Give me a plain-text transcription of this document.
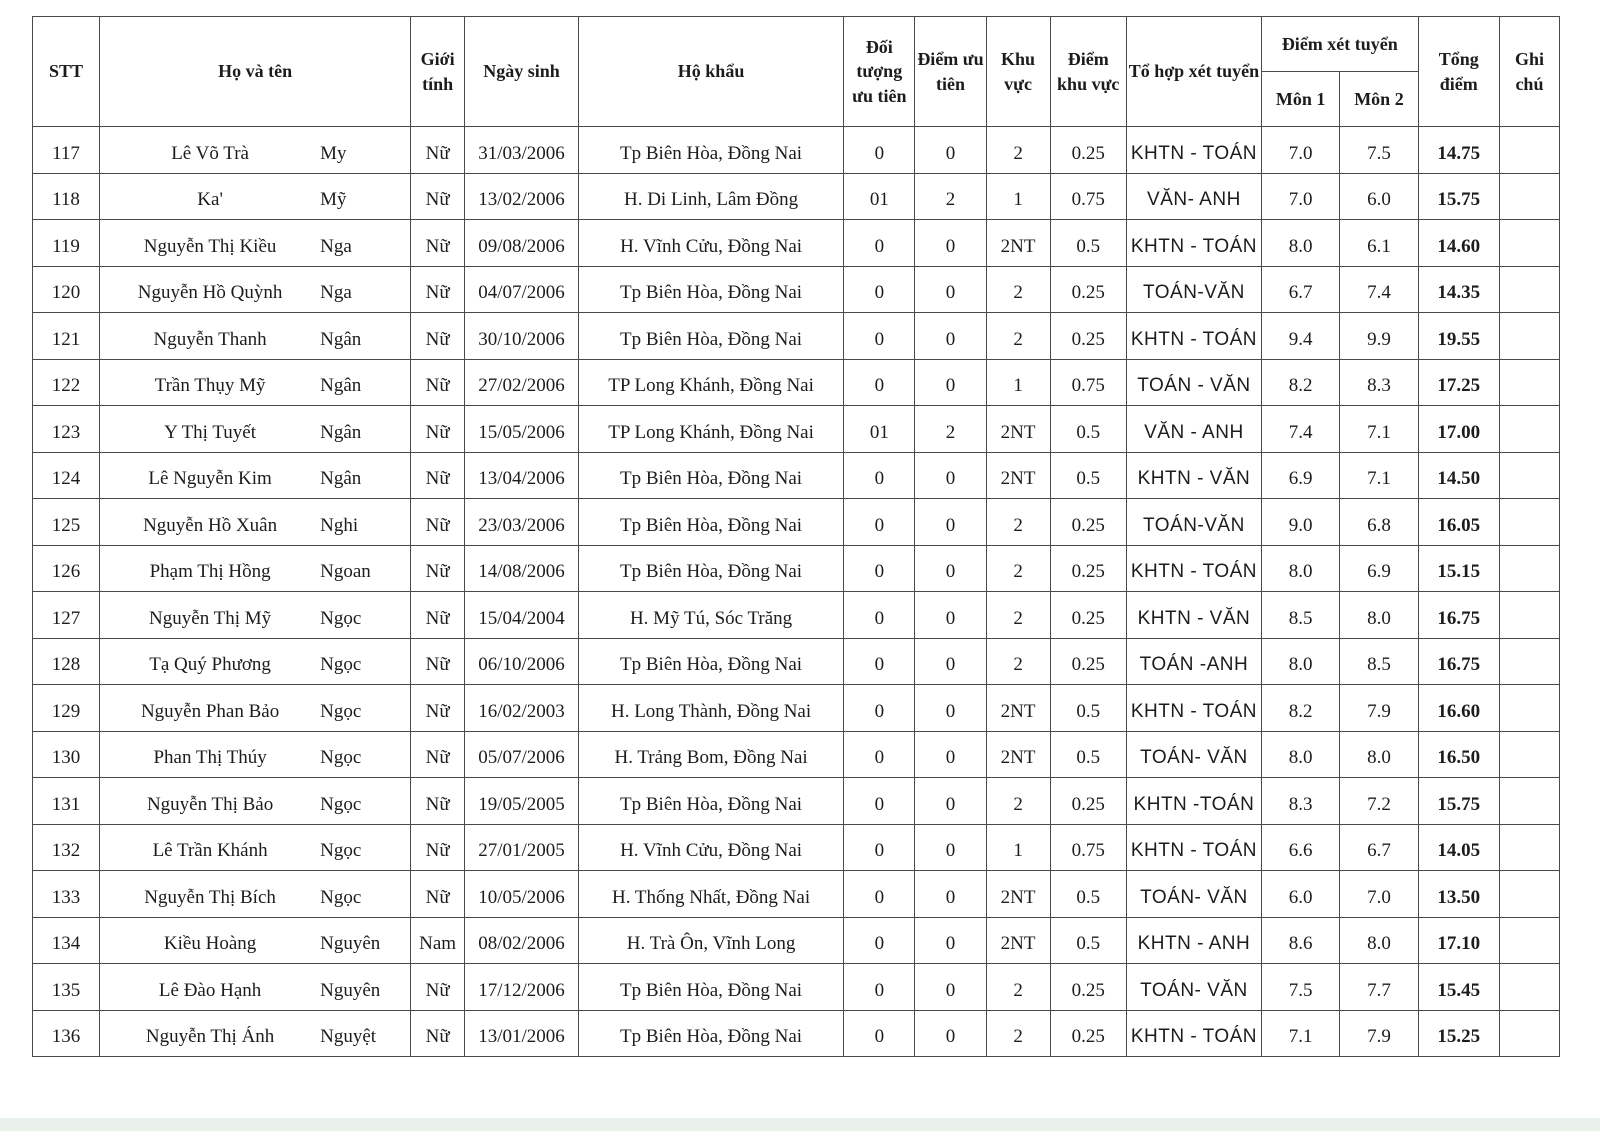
STT	Họ và tên	Giới tính	Ngày sinh	Hộ khẩu	Đối tượng ưu tiên	Điểm ưu tiên	Khu vực	Điểm khu vực	Tổ hợp xét tuyển	Điểm xét tuyển		Tổng điểm	Ghi chú
										Môn 1	Môn 2		
117	Lê Võ Trà My	Nữ	31/03/2006	Tp Biên Hòa, Đồng Nai	0	0	2	0.25	KHTN - TOÁN	7.0	7.5	14.75	
118	Ka' Mỹ	Nữ	13/02/2006	H. Di Linh, Lâm Đồng	01	2	1	0.75	VĂN- ANH	7.0	6.0	15.75	
119	Nguyễn Thị Kiều Nga	Nữ	09/08/2006	H. Vĩnh Cửu, Đồng Nai	0	0	2NT	0.5	KHTN - TOÁN	8.0	6.1	14.60	
120	Nguyễn Hồ Quỳnh Nga	Nữ	04/07/2006	Tp Biên Hòa, Đồng Nai	0	0	2	0.25	TOÁN-VĂN	6.7	7.4	14.35	
121	Nguyễn Thanh Ngân	Nữ	30/10/2006	Tp Biên Hòa, Đồng Nai	0	0	2	0.25	KHTN - TOÁN	9.4	9.9	19.55	
122	Trần Thụy Mỹ Ngân	Nữ	27/02/2006	TP Long Khánh, Đồng Nai	0	0	1	0.75	TOÁN - VĂN	8.2	8.3	17.25	
123	Y Thị Tuyết Ngân	Nữ	15/05/2006	TP Long Khánh, Đồng Nai	01	2	2NT	0.5	VĂN - ANH	7.4	7.1	17.00	
124	Lê Nguyễn Kim Ngân	Nữ	13/04/2006	Tp Biên Hòa, Đồng Nai	0	0	2NT	0.5	KHTN - VĂN	6.9	7.1	14.50	
125	Nguyễn Hồ Xuân Nghi	Nữ	23/03/2006	Tp Biên Hòa, Đồng Nai	0	0	2	0.25	TOÁN-VĂN	9.0	6.8	16.05	
126	Phạm Thị Hồng Ngoan	Nữ	14/08/2006	Tp Biên Hòa, Đồng Nai	0	0	2	0.25	KHTN - TOÁN	8.0	6.9	15.15	
127	Nguyễn Thị Mỹ Ngọc	Nữ	15/04/2004	H. Mỹ Tú, Sóc Trăng	0	0	2	0.25	KHTN - VĂN	8.5	8.0	16.75	
128	Tạ Quý Phương Ngọc	Nữ	06/10/2006	Tp Biên Hòa, Đồng Nai	0	0	2	0.25	TOÁN -ANH	8.0	8.5	16.75	
129	Nguyễn Phan Bảo Ngọc	Nữ	16/02/2003	H. Long Thành, Đồng Nai	0	0	2NT	0.5	KHTN - TOÁN	8.2	7.9	16.60	
130	Phan Thị Thúy Ngọc	Nữ	05/07/2006	H. Trảng Bom, Đồng Nai	0	0	2NT	0.5	TOÁN- VĂN	8.0	8.0	16.50	
131	Nguyễn Thị Bảo Ngọc	Nữ	19/05/2005	Tp Biên Hòa, Đồng Nai	0	0	2	0.25	KHTN -TOÁN	8.3	7.2	15.75	
132	Lê Trần Khánh Ngọc	Nữ	27/01/2005	H. Vĩnh Cửu, Đồng Nai	0	0	1	0.75	KHTN - TOÁN	6.6	6.7	14.05	
133	Nguyễn Thị Bích Ngọc	Nữ	10/05/2006	H. Thống Nhất, Đồng Nai	0	0	2NT	0.5	TOÁN- VĂN	6.0	7.0	13.50	
134	Kiều Hoàng Nguyên	Nam	08/02/2006	H. Trà Ôn, Vĩnh Long	0	0	2NT	0.5	KHTN - ANH	8.6	8.0	17.10	
135	Lê Đào Hạnh Nguyên	Nữ	17/12/2006	Tp Biên Hòa, Đồng Nai	0	0	2	0.25	TOÁN- VĂN	7.5	7.7	15.45	
136	Nguyễn Thị Ánh Nguyệt	Nữ	13/01/2006	Tp Biên Hòa, Đồng Nai	0	0	2	0.25	KHTN - TOÁN	7.1	7.9	15.25	
